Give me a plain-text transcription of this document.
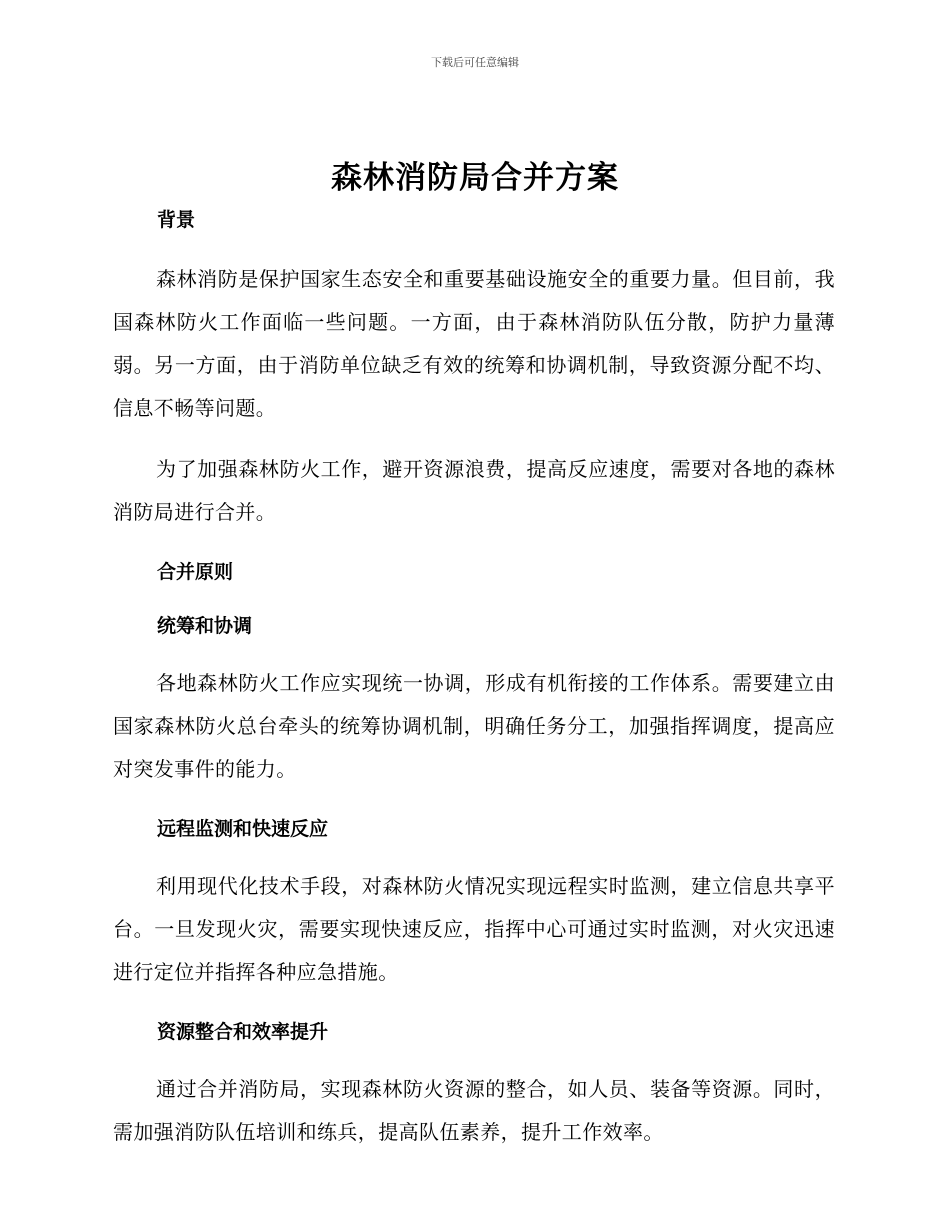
下载后可任意编辑
森林消防局合并方案
背景

森林消防是保护国家生态安全和重要基础设施安全的重要力量。但目前，我国森林防火工作面临一些问题。一方面，由于森林消防队伍分散，防护力量薄弱。另一方面，由于消防单位缺乏有效的统筹和协调机制，导致资源分配不均、信息不畅等问题。

为了加强森林防火工作，避开资源浪费，提高反应速度，需要对各地的森林消防局进行合并。

合并原则
统筹和协调

各地森林防火工作应实现统一协调，形成有机衔接的工作体系。需要建立由国家森林防火总台牵头的统筹协调机制，明确任务分工，加强指挥调度，提高应对突发事件的能力。

远程监测和快速反应

利用现代化技术手段，对森林防火情况实现远程实时监测，建立信息共享平台。一旦发现火灾，需要实现快速反应，指挥中心可通过实时监测，对火灾迅速进行定位并指挥各种应急措施。

资源整合和效率提升

通过合并消防局，实现森林防火资源的整合，如人员、装备等资源。同时，需加强消防队伍培训和练兵，提高队伍素养，提升工作效率。
